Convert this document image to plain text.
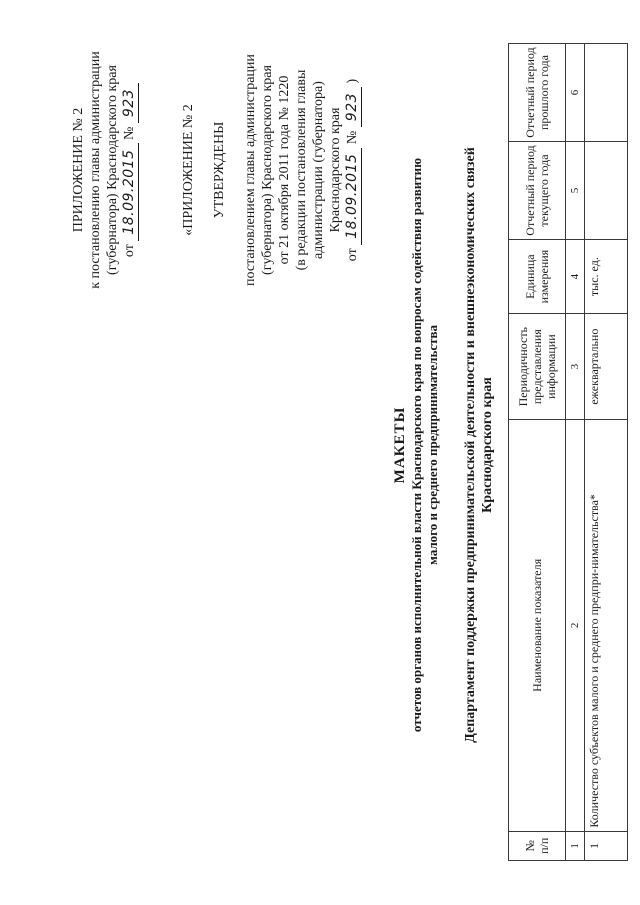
ПРИЛОЖЕНИЕ № 2 к постановлению главы администрации (губернатора) Краснодарского края от 18.09.2015 № 923
«ПРИЛОЖЕНИЕ № 2 УТВЕРЖДЕНЫ постановлением главы администрации (губернатора) Краснодарского края от 21 октября 2011 года № 1220 (в редакции постановления главы администрации (губернатора) Краснодарского края
от 18.09.2015 № 923 )
МАКЕТЫ отчетов органов исполнительной власти Краснодарского края по вопросам содействия развитию малого и среднего предпринимательства Департамент поддержки предпринимательской деятельности и внешнеэкономических связей Краснодарского края
№ п/п	Наименование показателя	Периодичность представления информации	Единица измерения	Отчетный период текущего года	Отчетный период прошлого года
1	2	3	4	5	6
1	Количество субъектов малого и среднего предпри-нимательства*	ежеквартально	тыс. ед.		
